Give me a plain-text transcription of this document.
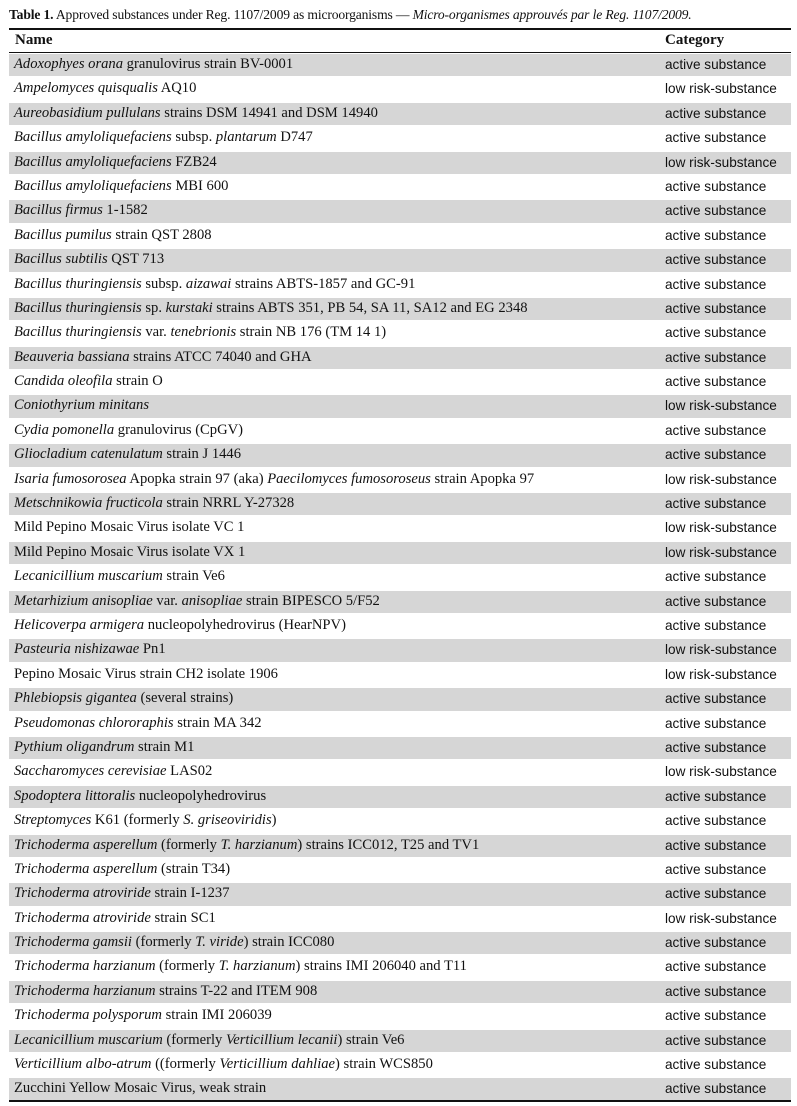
Table 1. Approved substances under Reg. 1107/2009 as microorganisms — Micro-organismes approuvés par le Reg. 1107/2009.
Name	Category
Adoxophyes orana granulovirus strain BV-0001	active substance
Ampelomyces quisqualis AQ10	low risk-substance
Aureobasidium pullulans strains DSM 14941 and DSM 14940	active substance
Bacillus amyloliquefaciens subsp. plantarum D747	active substance
Bacillus amyloliquefaciens FZB24	low risk-substance
Bacillus amyloliquefaciens MBI 600	active substance
Bacillus firmus 1-1582	active substance
Bacillus pumilus strain QST 2808	active substance
Bacillus subtilis QST 713	active substance
Bacillus thuringiensis subsp. aizawai strains ABTS-1857 and GC-91	active substance
Bacillus thuringiensis sp. kurstaki strains ABTS 351, PB 54, SA 11, SA12 and EG 2348	active substance
Bacillus thuringiensis var. tenebrionis strain NB 176 (TM 14 1)	active substance
Beauveria bassiana strains ATCC 74040 and GHA	active substance
Candida oleofila strain O	active substance
Coniothyrium minitans	low risk-substance
Cydia pomonella granulovirus (CpGV)	active substance
Gliocladium catenulatum strain J 1446	active substance
Isaria fumosorosea Apopka strain 97 (aka) Paecilomyces fumosoroseus strain Apopka 97	low risk-substance
Metschnikowia fructicola strain NRRL Y-27328	active substance
Mild Pepino Mosaic Virus isolate VC 1	low risk-substance
Mild Pepino Mosaic Virus isolate VX 1	low risk-substance
Lecanicillium muscarium strain Ve6	active substance
Metarhizium anisopliae var. anisopliae strain BIPESCO 5/F52	active substance
Helicoverpa armigera nucleopolyhedrovirus (HearNPV)	active substance
Pasteuria nishizawae Pn1	low risk-substance
Pepino Mosaic Virus strain CH2 isolate 1906	low risk-substance
Phlebiopsis gigantea (several strains)	active substance
Pseudomonas chlororaphis strain MA 342	active substance
Pythium oligandrum strain M1	active substance
Saccharomyces cerevisiae LAS02	low risk-substance
Spodoptera littoralis nucleopolyhedrovirus	active substance
Streptomyces K61 (formerly S. griseoviridis)	active substance
Trichoderma asperellum (formerly T. harzianum) strains ICC012, T25 and TV1	active substance
Trichoderma asperellum (strain T34)	active substance
Trichoderma atroviride strain I-1237	active substance
Trichoderma atroviride strain SC1	low risk-substance
Trichoderma gamsii (formerly T. viride) strain ICC080	active substance
Trichoderma harzianum (formerly T. harzianum) strains IMI 206040 and T11	active substance
Trichoderma harzianum strains T-22 and ITEM 908	active substance
Trichoderma polysporum strain IMI 206039	active substance
Lecanicillium muscarium (formerly Verticillium lecanii) strain Ve6	active substance
Verticillium albo-atrum ((formerly Verticillium dahliae) strain WCS850	active substance
Zucchini Yellow Mosaic Virus, weak strain	active substance
